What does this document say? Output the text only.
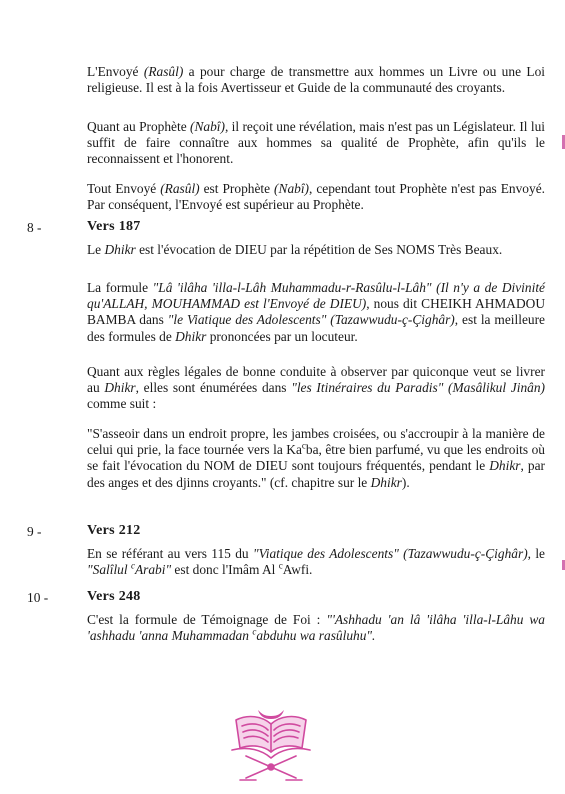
L'Envoyé (Rasûl) a pour charge de transmettre aux hommes un Livre ou une Loi religieuse. Il est à la fois Avertisseur et Guide de la communauté des croyants.

Quant au Prophète (Nabî), il reçoit une révélation, mais n'est pas un Législateur. Il lui suffit de faire connaître aux hommes sa qualité de Prophète, afin qu'ils le reconnaissent et l'honorent.

Tout Envoyé (Rasûl) est Prophète (Nabî), cependant tout Prophète n'est pas Envoyé. Par conséquent, l'Envoyé est supérieur au Prophète.

8 -	Vers 187

Le Dhikr est l'évocation de DIEU par la répétition de Ses NOMS Très Beaux.

La formule "Lâ 'ilâha 'illa-l-Lâh Muhammadu-r-Rasûlu-l-Lâh" (Il n'y a de Divinité qu'ALLAH, MOUHAMMAD est l'Envoyé de DIEU), nous dit CHEIKH AHMADOU BAMBA dans "le Viatique des Adolescents" (Tazawwudu-ç-Çighâr), est la meilleure des formules de Dhikr prononcées par un locuteur.

Quant aux règles légales de bonne conduite à observer par quiconque veut se livrer au Dhikr, elles sont énumérées dans "les Itinéraires du Paradis" (Masâlikul Jinân) comme suit :

"S'asseoir dans un endroit propre, les jambes croisées, ou s'accroupir à la manière de celui qui prie, la face tournée vers la Ka$^c$ba, être bien parfumé, vu que les endroits où se fait l'évocation du NOM de DIEU sont toujours fréquentés, pendant le Dhikr, par des anges et des djinns croyants." (cf. chapitre sur le Dhikr).

9 -	Vers 212

En se référant au vers 115 du "Viatique des Adolescents" (Tazawwudu-ç-Çighâr), le "Salîlul $^c$Arabi" est donc l'Imâm Al $^c$Awfi.

10 -	Vers 248

C'est la formule de Témoignage de Foi : "'Ashhadu 'an lâ 'ilâha 'illa-l-Lâhu wa 'ashhadu 'anna Muhammadan $^c$abduhu wa rasûluhu".
